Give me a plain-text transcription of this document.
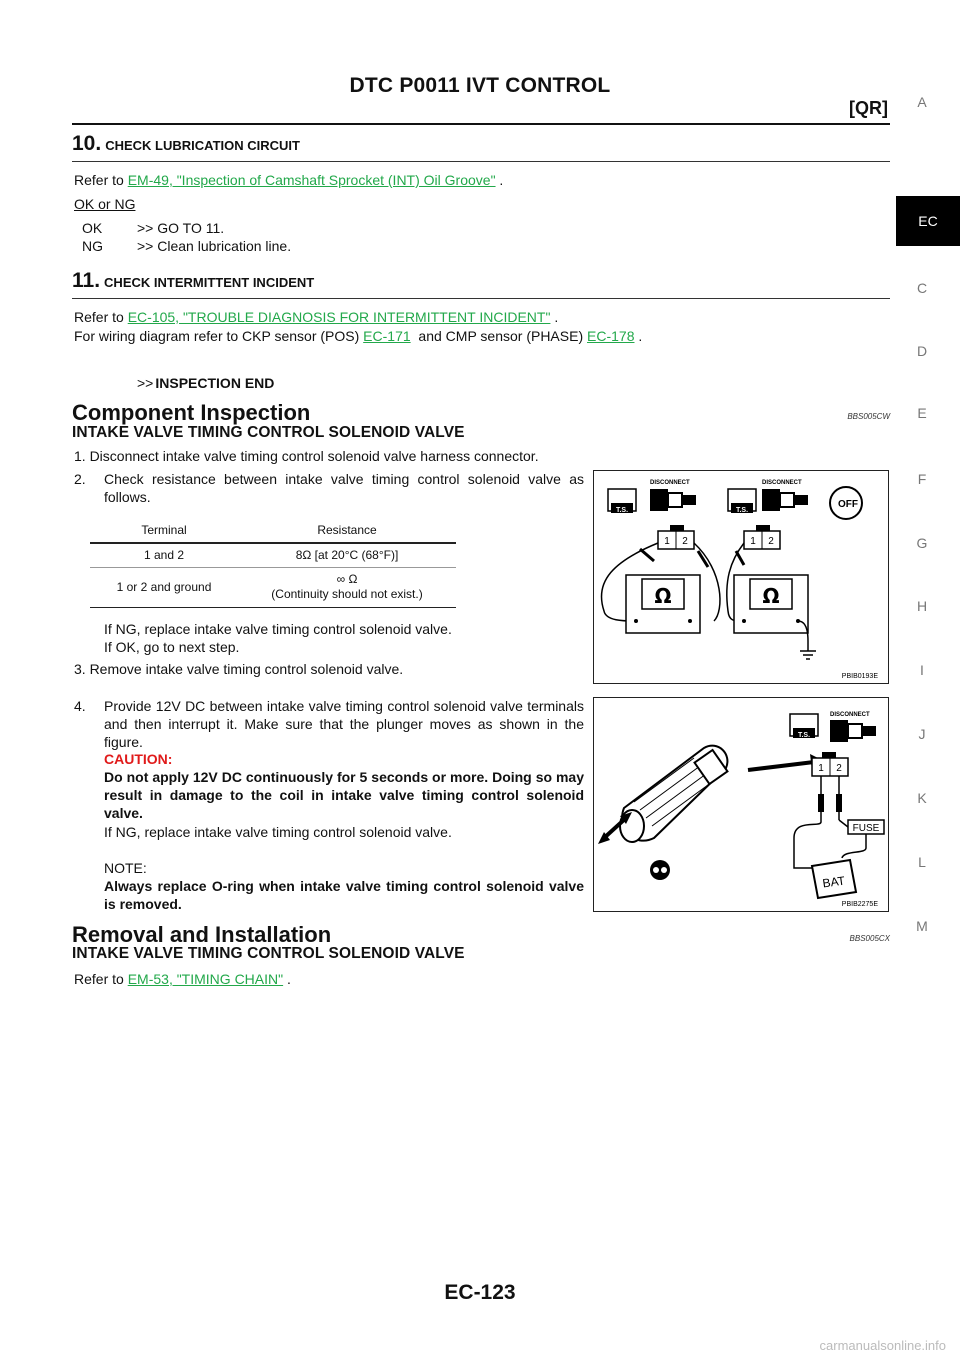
DTC P0011 IVT CONTROL
[QR]	A
EC
C
D
E
F
G
H
I
J
K
L
M
10. CHECK LUBRICATION CIRCUIT
Refer to EM-49, "Inspection of Camshaft Sprocket (INT) Oil Groove" .
OK or NG
OK >> GO TO 11.
NG >> Clean lubrication line.
11. CHECK INTERMITTENT INCIDENT
Refer to EC-105, "TROUBLE DIAGNOSIS FOR INTERMITTENT INCIDENT" .
For wiring diagram refer to CKP sensor (POS) EC-171  and CMP sensor (PHASE) EC-178 .
>> INSPECTION END
Component Inspection	BBS005CW
INTAKE VALVE TIMING CONTROL SOLENOID VALVE
1. Disconnect intake valve timing control solenoid valve harness connector.
2. Check resistance between intake valve timing control solenoid valve as follows.
Terminal	Resistance
1 and 2	8Ω [at 20°C (68°F)]
1 or 2 and ground	∞ Ω
(Continuity should not exist.)
If NG, replace intake valve timing control solenoid valve.
If OK, go to next step.
3. Remove intake valve timing control solenoid valve.
T.S.
DISCONNECT
T.S.
DISCONNECT
OFF
1 2
Ω
1 2
Ω
PBIB0193E
4. Provide 12V DC between intake valve timing control solenoid valve terminals and then interrupt it. Make sure that the plunger moves as shown in the figure.
CAUTION:
Do not apply 12V DC continuously for 5 seconds or more. Doing so may result in damage to the coil in intake valve timing control solenoid valve.
If NG, replace intake valve timing control solenoid valve.
NOTE:
Always replace O-ring when intake valve timing control solenoid valve is removed.
T.S.
DISCONNECT
1 2
FUSE
BAT
PBIB2275E
Removal and Installation	BBS005CX
INTAKE VALVE TIMING CONTROL SOLENOID VALVE
Refer to EM-53, "TIMING CHAIN" .
EC-123
carmanualsonline.info
